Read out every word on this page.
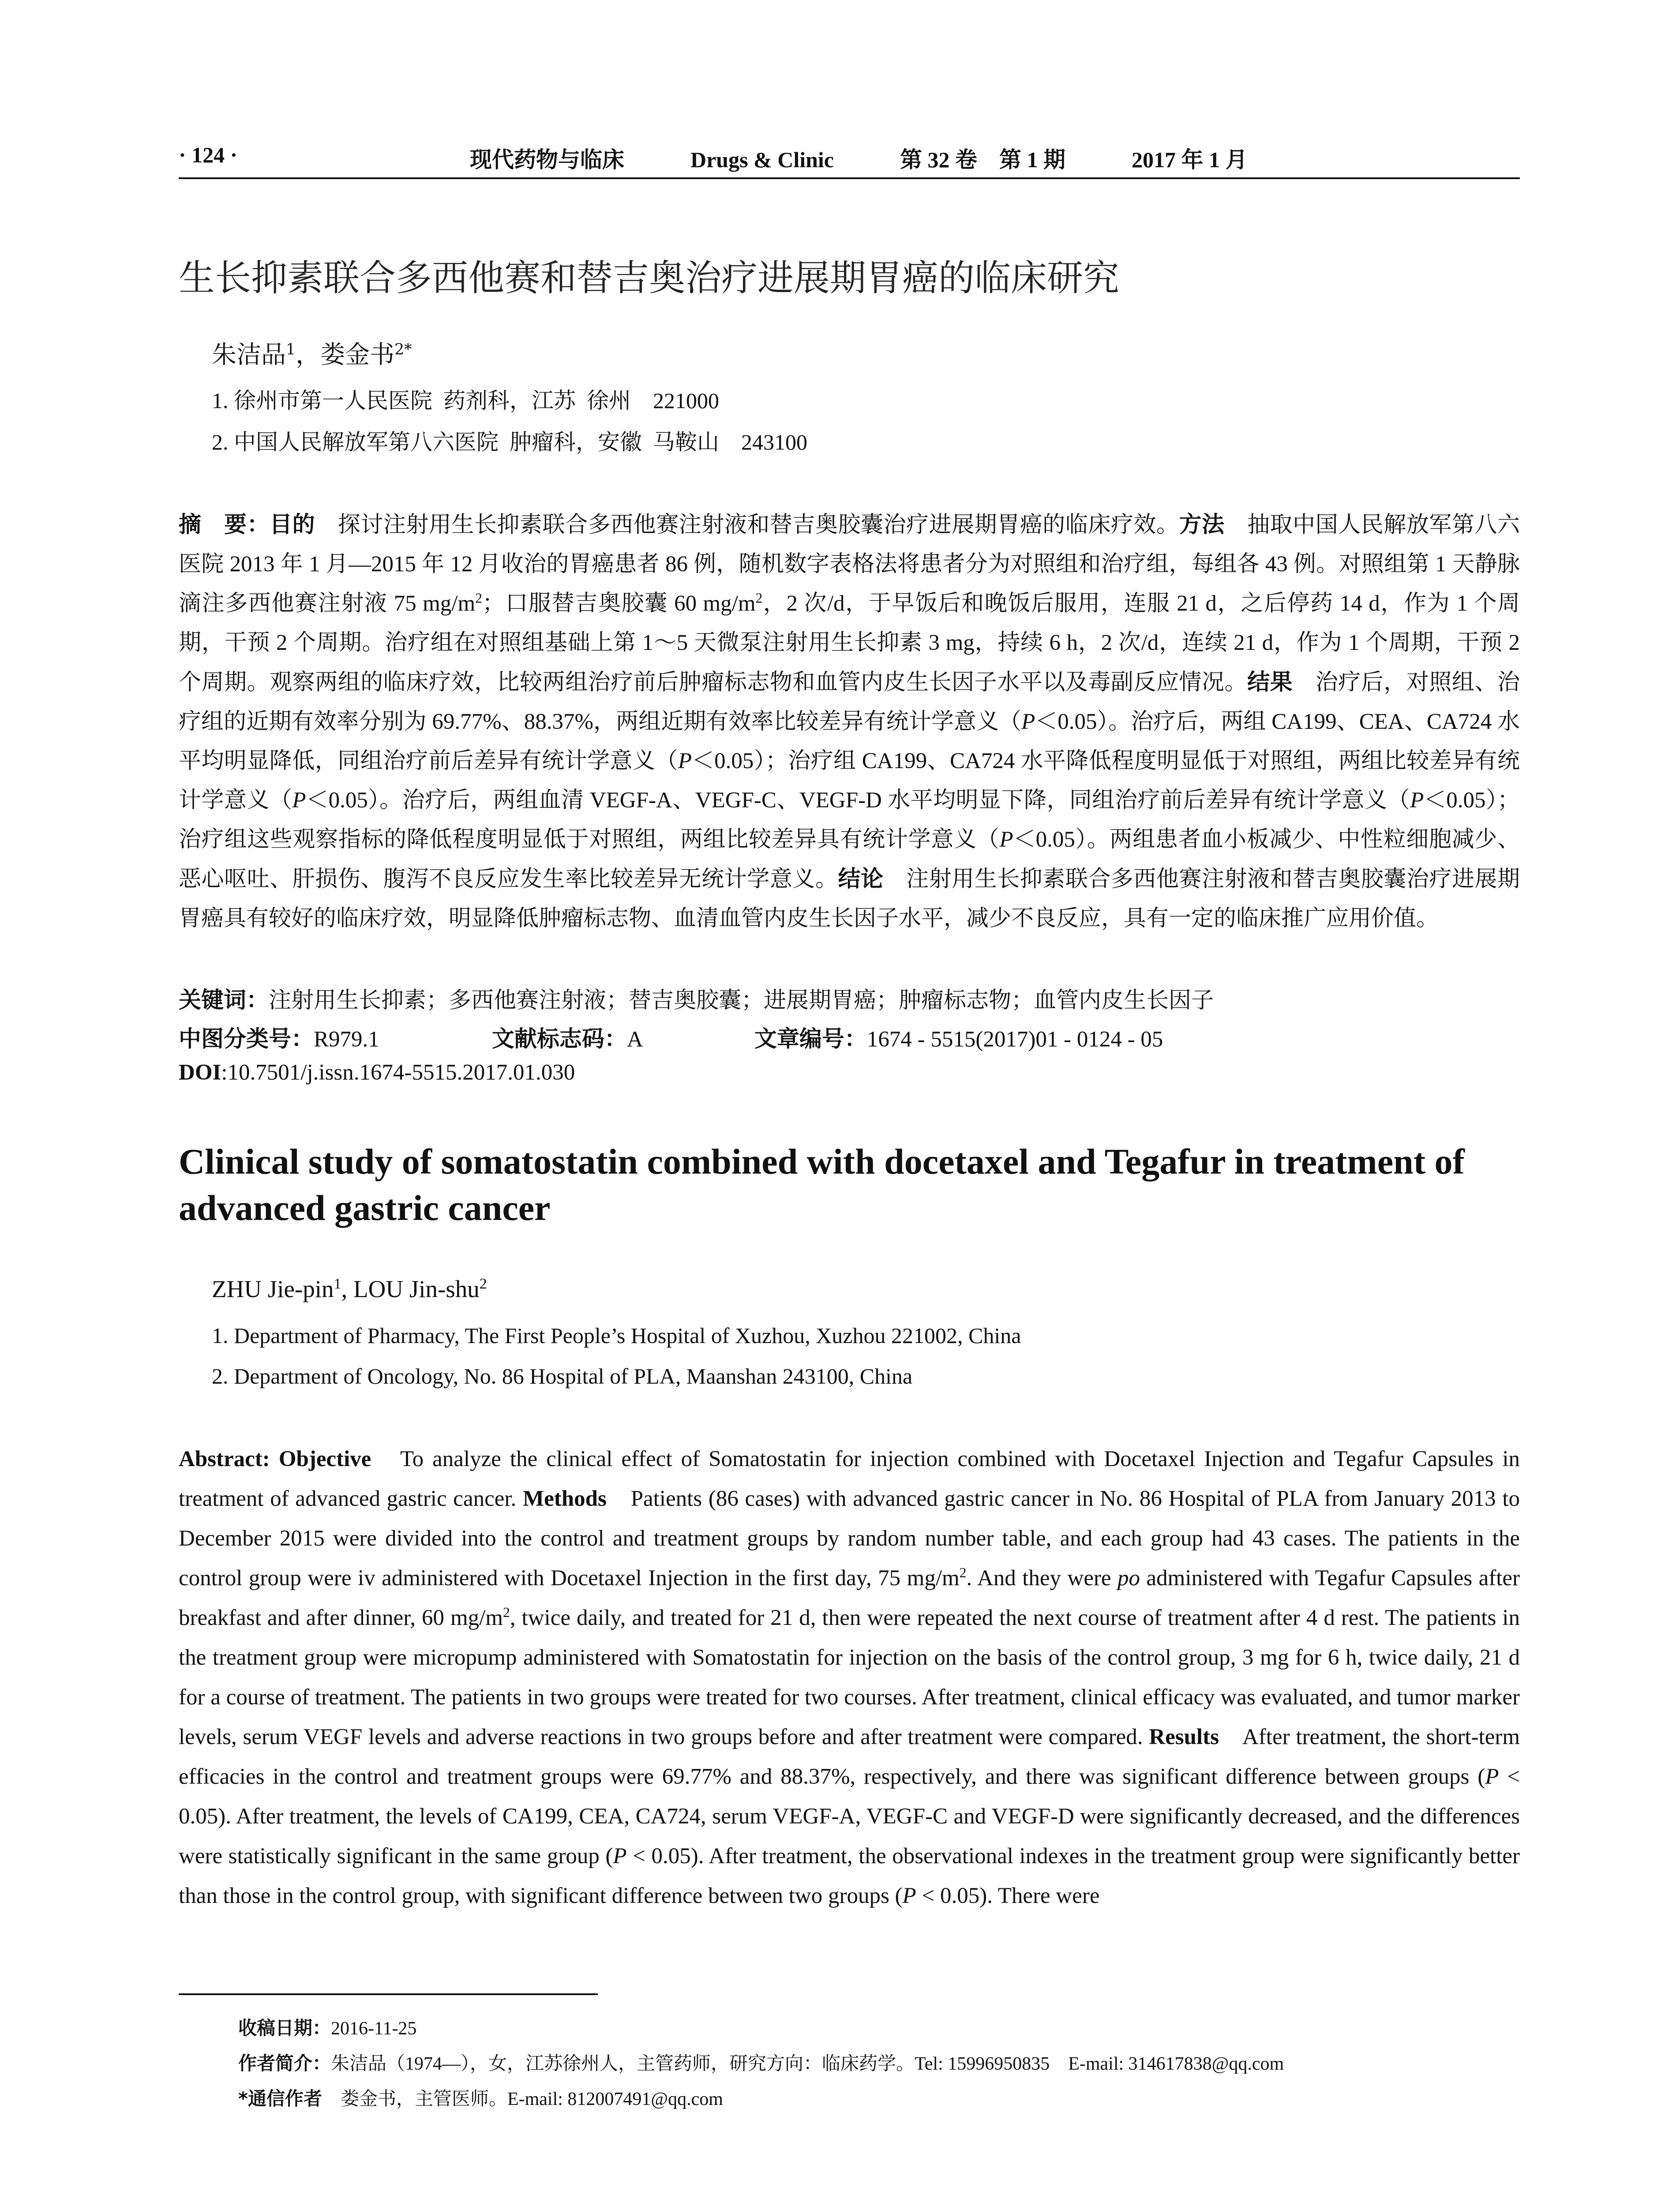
· 124 ·	现代药物与临床　　　	Drugs & Clinic　　　	第 32 卷　第 1 期　　　	2017 年 1 月
生长抑素联合多西他赛和替吉奥治疗进展期胃癌的临床研究
朱洁品$^1$，娄金书$^{2*}$
1. 徐州市第一人民医院  药剂科，江苏  徐州　221000
2. 中国人民解放军第八六医院  肿瘤科，安徽  马鞍山　243100

摘　要：目的　探讨注射用生长抑素联合多西他赛注射液和替吉奥胶囊治疗进展期胃癌的临床疗效。方法　抽取中国人民解放军第八六医院 2013 年 1 月—2015 年 12 月收治的胃癌患者 86 例，随机数字表格法将患者分为对照组和治疗组，每组各 43 例。对照组第 1 天静脉滴注多西他赛注射液 75 $mg/m^2$；口服替吉奥胶囊 60 $mg/m^2$，2 次/d，于早饭后和晚饭后服用，连服 21 d，之后停药 14 d，作为 1 个周期，干预 2 个周期。治疗组在对照组基础上第 1～5 天微泵注射用生长抑素 3 mg，持续 6 h，2 次/d，连续 21 d，作为 1 个周期，干预 2 个周期。观察两组的临床疗效，比较两组治疗前后肿瘤标志物和血管内皮生长因子水平以及毒副反应情况。结果　治疗后，对照组、治疗组的近期有效率分别为 69.77%、88.37%，两组近期有效率比较差异有统计学意义（P＜0.05）。治疗后，两组 CA199、CEA、CA724 水平均明显降低，同组治疗前后差异有统计学意义（P＜0.05）；治疗组 CA199、CA724 水平降低程度明显低于对照组，两组比较差异有统计学意义（P＜0.05）。治疗后，两组血清 VEGF-A、VEGF-C、VEGF-D 水平均明显下降，同组治疗前后差异有统计学意义（P＜0.05）；治疗组这些观察指标的降低程度明显低于对照组，两组比较差异具有统计学意义（P＜0.05）。两组患者血小板减少、中性粒细胞减少、恶心呕吐、肝损伤、腹泻不良反应发生率比较差异无统计学意义。结论　注射用生长抑素联合多西他赛注射液和替吉奥胶囊治疗进展期胃癌具有较好的临床疗效，明显降低肿瘤标志物、血清血管内皮生长因子水平，减少不良反应，具有一定的临床推广应用价值。

关键词：注射用生长抑素；多西他赛注射液；替吉奥胶囊；进展期胃癌；肿瘤标志物；血管内皮生长因子
中图分类号：R979.1　　　　　	文献标志码：A　　　　　	文章编号：1674 - 5515(2017)01 - 0124 - 05
DOI:10.7501/j.issn.1674-5515.2017.01.030

Clinical study of somatostatin combined with docetaxel and Tegafur in treatment of advanced gastric cancer

ZHU Jie-pin$^1$, LOU Jin-shu$^2$
1. Department of Pharmacy, The First People’s Hospital of Xuzhou, Xuzhou 221002, China
2. Department of Oncology, No. 86 Hospital of PLA, Maanshan 243100, China

Abstract: Objective　To analyze the clinical effect of Somatostatin for injection combined with Docetaxel Injection and Tegafur Capsules in treatment of advanced gastric cancer. Methods　Patients (86 cases) with advanced gastric cancer in No. 86 Hospital of PLA from January 2013 to December 2015 were divided into the control and treatment groups by random number table, and each group had 43 cases. The patients in the control group were iv administered with Docetaxel Injection in the first day, 75 $mg/m^2$. And they were po administered with Tegafur Capsules after breakfast and after dinner, 60 $mg/m^2$, twice daily, and treated for 21 d, then were repeated the next course of treatment after 4 d rest. The patients in the treatment group were micropump administered with Somatostatin for injection on the basis of the control group, 3 mg for 6 h, twice daily, 21 d for a course of treatment. The patients in two groups were treated for two courses. After treatment, clinical efficacy was evaluated, and tumor marker levels, serum VEGF levels and adverse reactions in two groups before and after treatment were compared. Results　After treatment, the short-term efficacies in the control and treatment groups were 69.77% and 88.37%, respectively, and there was significant difference between groups (P < 0.05). After treatment, the levels of CA199, CEA, CA724, serum VEGF-A, VEGF-C and VEGF-D were significantly decreased, and the differences were statistically significant in the same group (P < 0.05). After treatment, the observational indexes in the treatment group were significantly better than those in the control group, with significant difference between two groups (P < 0.05). There were

收稿日期：2016-11-25
作者简介：朱洁品（1974—），女，江苏徐州人，主管药师，研究方向：临床药学。Tel: 15996950835　E-mail: 314617838@qq.com
*通信作者　娄金书，主管医师。E-mail: 812007491@qq.com
